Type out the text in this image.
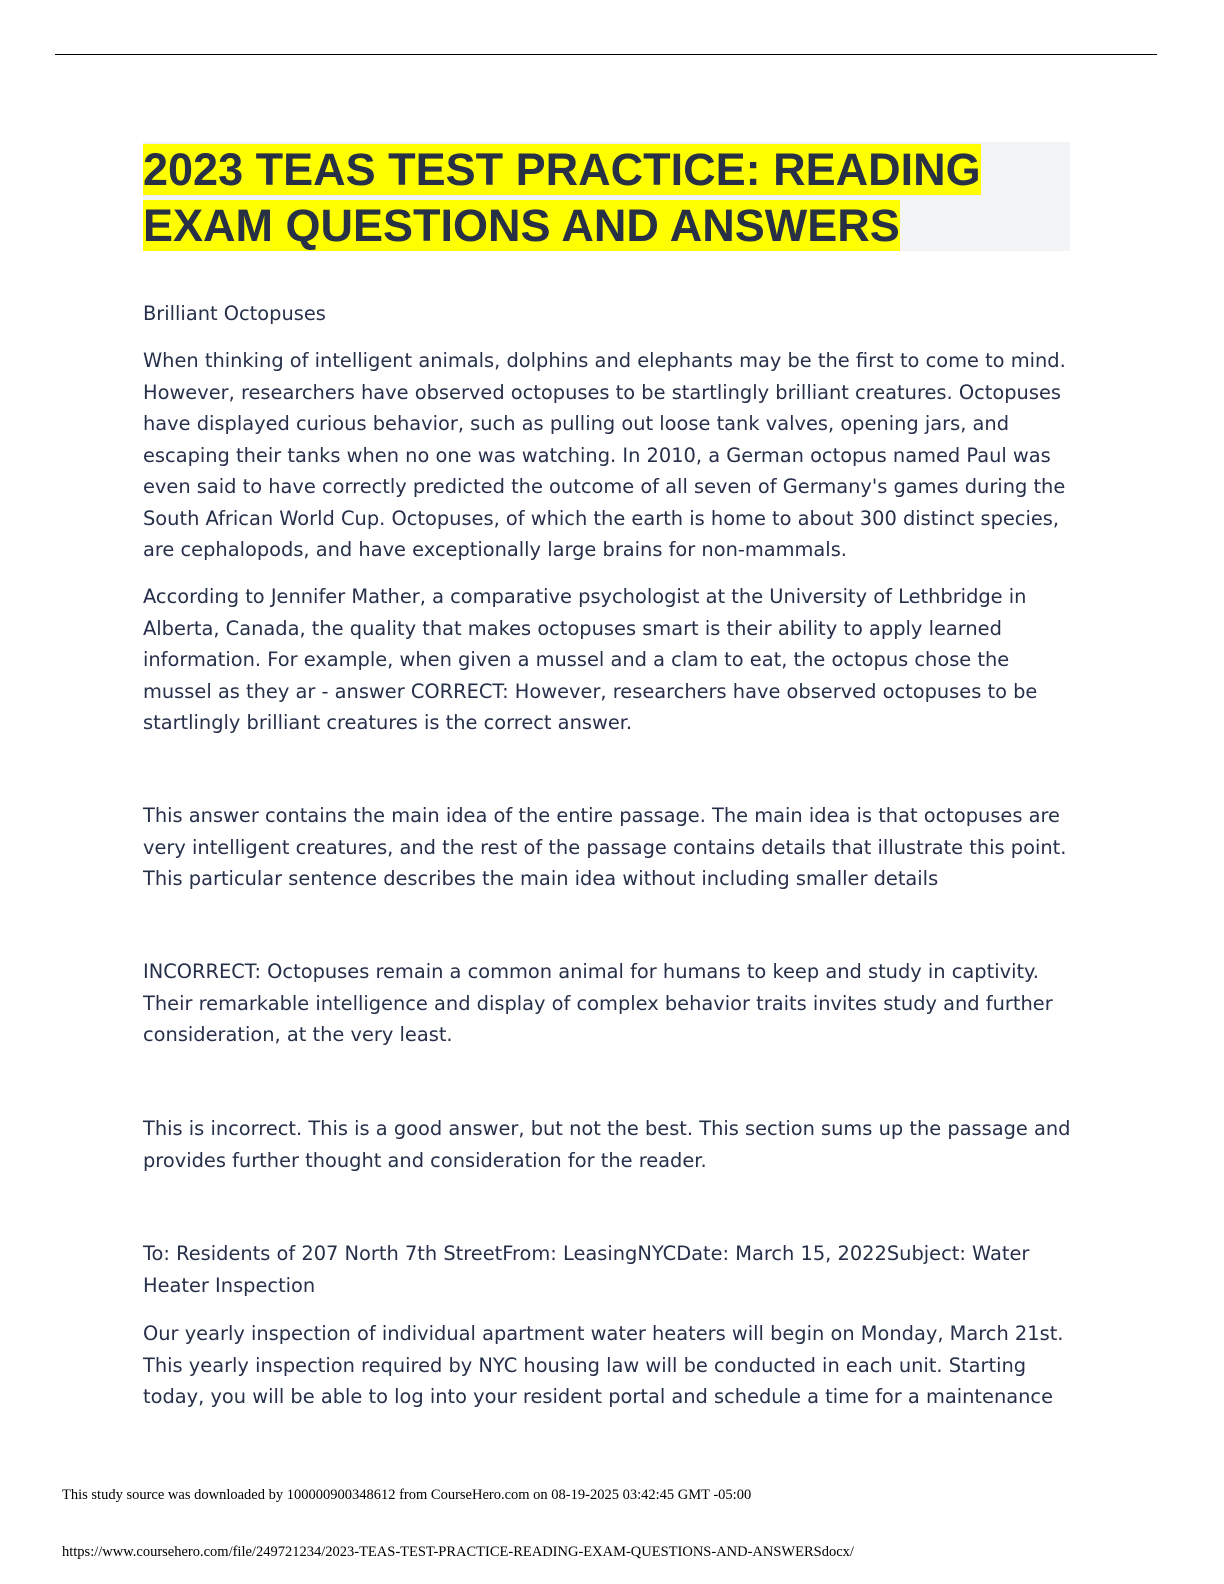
2023 TEAS TEST PRACTICE: READING
EXAM QUESTIONS AND ANSWERS

Brilliant Octopuses

When thinking of intelligent animals, dolphins and elephants may be the first to come to mind. However, researchers have observed octopuses to be startlingly brilliant creatures. Octopuses have displayed curious behavior, such as pulling out loose tank valves, opening jars, and escaping their tanks when no one was watching. In 2010, a German octopus named Paul was even said to have correctly predicted the outcome of all seven of Germany's games during the South African World Cup. Octopuses, of which the earth is home to about 300 distinct species, are cephalopods, and have exceptionally large brains for non-mammals.

According to Jennifer Mather, a comparative psychologist at the University of Lethbridge in Alberta, Canada, the quality that makes octopuses smart is their ability to apply learned information. For example, when given a mussel and a clam to eat, the octopus chose the mussel as they ar - answer CORRECT: However, researchers have observed octopuses to be startlingly brilliant creatures is the correct answer.

This answer contains the main idea of the entire passage. The main idea is that octopuses are very intelligent creatures, and the rest of the passage contains details that illustrate this point. This particular sentence describes the main idea without including smaller details

INCORRECT: Octopuses remain a common animal for humans to keep and study in captivity. Their remarkable intelligence and display of complex behavior traits invites study and further consideration, at the very least.

This is incorrect. This is a good answer, but not the best. This section sums up the passage and provides further thought and consideration for the reader.

To: Residents of 207 North 7th StreetFrom: LeasingNYCDate: March 15, 2022Subject: Water Heater Inspection

Our yearly inspection of individual apartment water heaters will begin on Monday, March 21st. This yearly inspection required by NYC housing law will be conducted in each unit. Starting today, you will be able to log into your resident portal and schedule a time for a maintenance

This study source was downloaded by 100000900348612 from CourseHero.com on 08-19-2025 03:42:45 GMT -05:00
https://www.coursehero.com/file/249721234/2023-TEAS-TEST-PRACTICE-READING-EXAM-QUESTIONS-AND-ANSWERSdocx/
